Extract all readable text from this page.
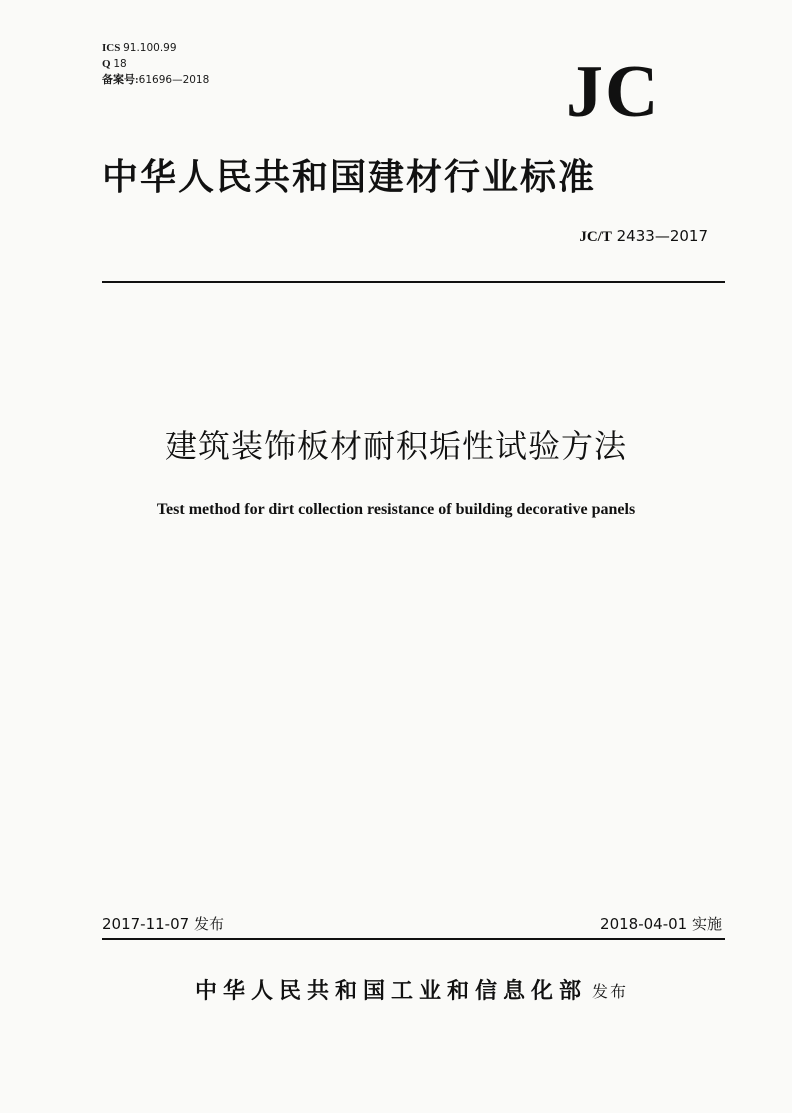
ICS 91.100.99
Q 18
备案号:61696—2018	JC
中华人民共和国建材行业标准
JC/T 2433—2017
建筑装饰板材耐积垢性试验方法
Test method for dirt collection resistance of building decorative panels
2017-11-07 发布	2018-04-01 实施
中华人民共和国工业和信息化部 发布
